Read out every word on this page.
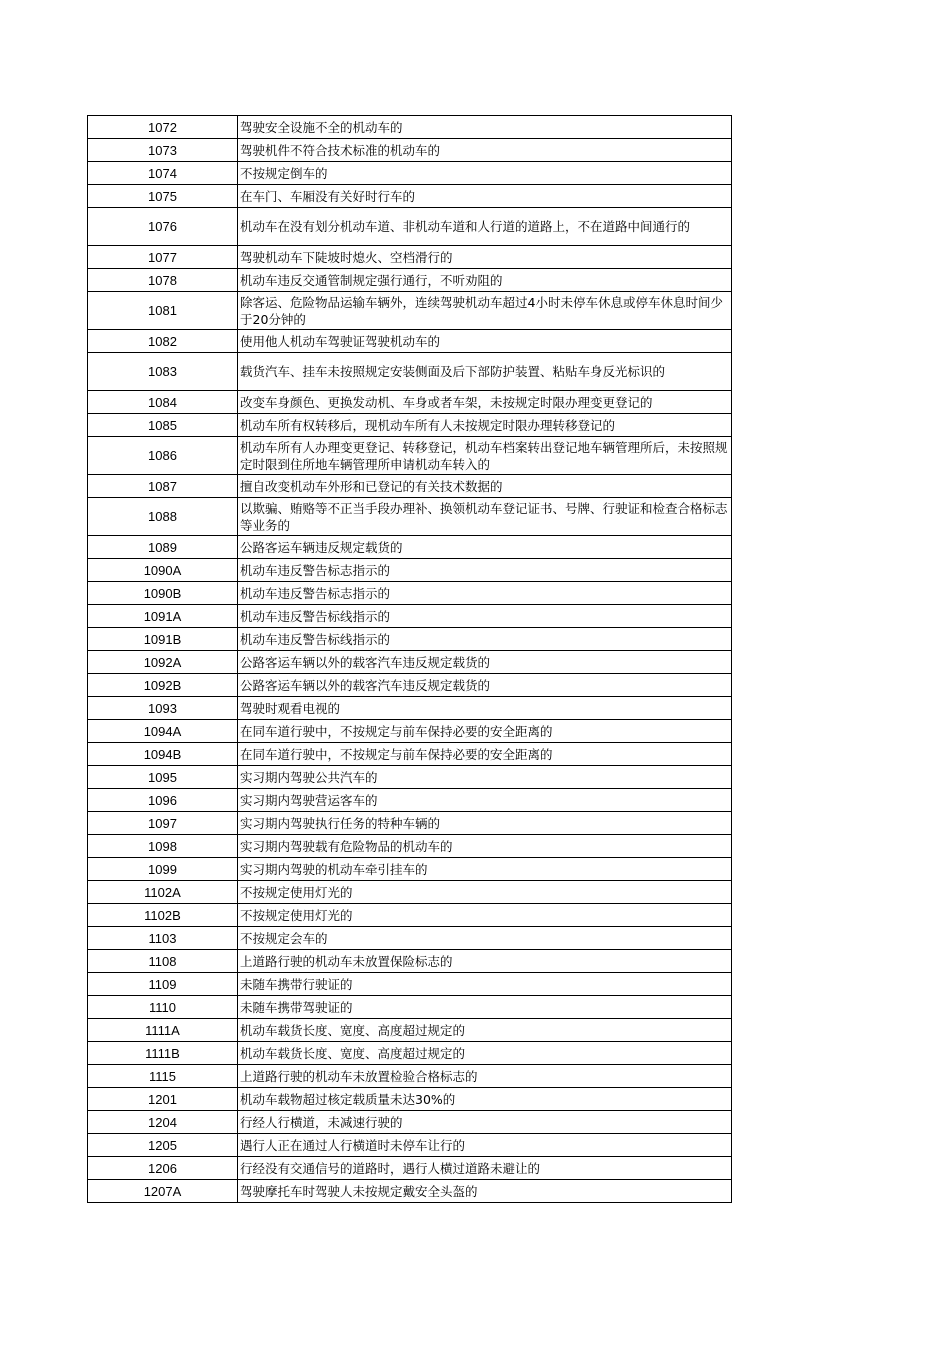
1072	驾驶安全设施不全的机动车的
1073	驾驶机件不符合技术标准的机动车的
1074	不按规定倒车的
1075	在车门、车厢没有关好时行车的
1076	机动车在没有划分机动车道、非机动车道和人行道的道路上，不在道路中间通行的
1077	驾驶机动车下陡坡时熄火、空档滑行的
1078	机动车违反交通管制规定强行通行，不听劝阻的
1081	除客运、危险物品运输车辆外，连续驾驶机动车超过4小时未停车休息或停车休息时间少于20分钟的
1082	使用他人机动车驾驶证驾驶机动车的
1083	载货汽车、挂车未按照规定安装侧面及后下部防护装置、粘贴车身反光标识的
1084	改变车身颜色、更换发动机、车身或者车架，未按规定时限办理变更登记的
1085	机动车所有权转移后，现机动车所有人未按规定时限办理转移登记的
1086	机动车所有人办理变更登记、转移登记，机动车档案转出登记地车辆管理所后，未按照规定时限到住所地车辆管理所申请机动车转入的
1087	擅自改变机动车外形和已登记的有关技术数据的
1088	以欺骗、贿赂等不正当手段办理补、换领机动车登记证书、号牌、行驶证和检查合格标志等业务的
1089	公路客运车辆违反规定载货的
1090A	机动车违反警告标志指示的
1090B	机动车违反警告标志指示的
1091A	机动车违反警告标线指示的
1091B	机动车违反警告标线指示的
1092A	公路客运车辆以外的载客汽车违反规定载货的
1092B	公路客运车辆以外的载客汽车违反规定载货的
1093	驾驶时观看电视的
1094A	在同车道行驶中，不按规定与前车保持必要的安全距离的
1094B	在同车道行驶中，不按规定与前车保持必要的安全距离的
1095	实习期内驾驶公共汽车的
1096	实习期内驾驶营运客车的
1097	实习期内驾驶执行任务的特种车辆的
1098	实习期内驾驶载有危险物品的机动车的
1099	实习期内驾驶的机动车牵引挂车的
1102A	不按规定使用灯光的
1102B	不按规定使用灯光的
1103	不按规定会车的
1108	上道路行驶的机动车未放置保险标志的
1109	未随车携带行驶证的
1110	未随车携带驾驶证的
1111A	机动车载货长度、宽度、高度超过规定的
1111B	机动车载货长度、宽度、高度超过规定的
1115	上道路行驶的机动车未放置检验合格标志的
1201	机动车载物超过核定载质量未达30%的
1204	行经人行横道，未减速行驶的
1205	遇行人正在通过人行横道时未停车让行的
1206	行经没有交通信号的道路时，遇行人横过道路未避让的
1207A	驾驶摩托车时驾驶人未按规定戴安全头盔的
